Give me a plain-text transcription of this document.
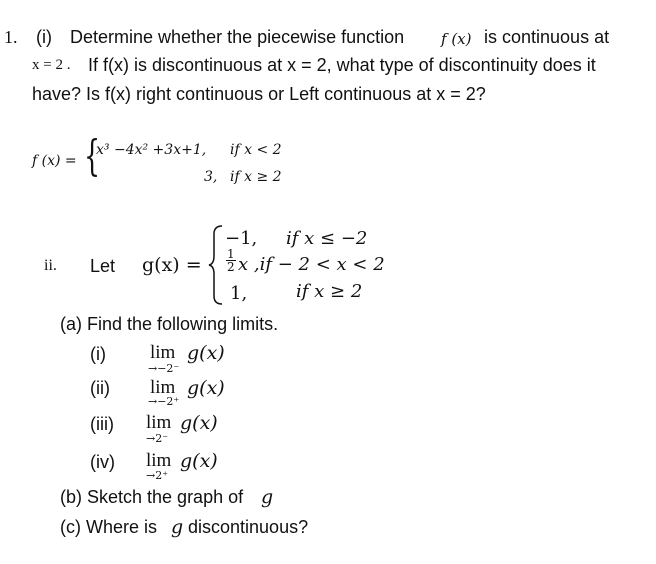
1. (i) Determine whether the piecewise function f (x) is continuous at
x = 2 . If f(x) is discontinuous at x = 2, what type of discontinuity does it
have? Is f(x) right continuous or Left continuous at x = 2?
f (x) = {
x³ −4x² +3x+1, if x < 2
3, if x ≥ 2
ii. Let g(x) =
−1, if x ≤ −2
$\frac{1}{2}$ x ,if − 2 < x < 2
1,	if x ≥ 2
(a) Find the following limits.
(i) lim g(x)
→−2⁻
(ii) lim g(x)
→−2⁺
(iii) lim g(x)
→2⁻
(iv) lim g(x)
→2⁺
(b) Sketch the graph of g
(c) Where is g discontinuous?
